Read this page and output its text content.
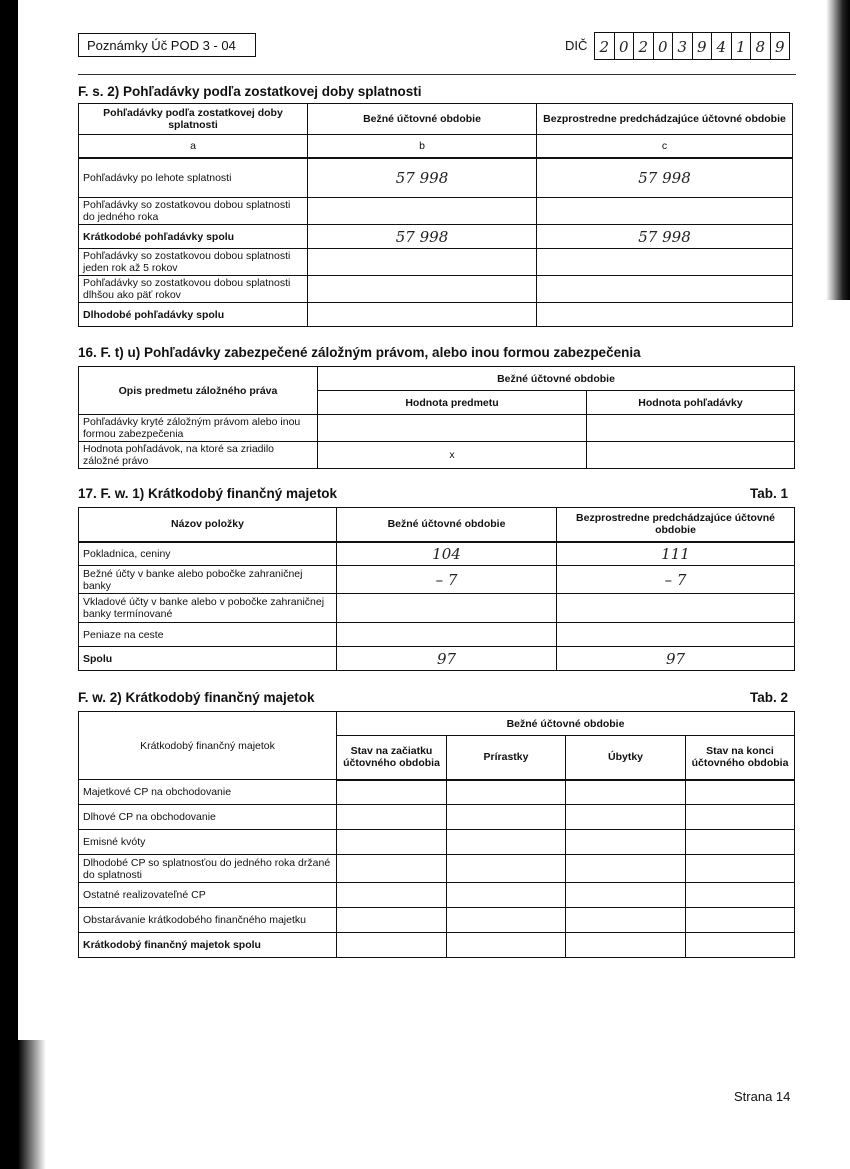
Poznámky Úč POD 3 - 04	DIČ 2 0 2 0 3 9 4 1 8 9
F. s. 2) Pohľadávky podľa zostatkovej doby splatnosti
Pohľadávky podľa zostatkovej doby splatnosti	Bežné účtovné obdobie	Bezprostredne predchádzajúce účtovné obdobie
a	b	c
Pohľadávky po lehote splatnosti	57 998	57 998
Pohľadávky so zostatkovou dobou splatnosti do jedného roka		
Krátkodobé pohľadávky spolu	57 998	57 998
Pohľadávky so zostatkovou dobou splatnosti jeden rok až 5 rokov		
Pohľadávky so zostatkovou dobou splatnosti dlhšou ako päť rokov		
Dlhodobé pohľadávky spolu		
16. F. t) u) Pohľadávky zabezpečené záložným právom, alebo inou formou zabezpečenia
Opis predmetu záložného práva	Bežné účtovné obdobie	
	Hodnota predmetu	Hodnota pohľadávky
Pohľadávky kryté záložným právom alebo inou formou zabezpečenia		
Hodnota pohľadávok, na ktoré sa zriadilo záložné právo	x	
17. F. w. 1) Krátkodobý finančný majetok	Tab. 1
Názov položky	Bežné účtovné obdobie	Bezprostredne predchádzajúce účtovné obdobie
Pokladnica, ceniny	104	111
Bežné účty v banke alebo pobočke zahraničnej banky	– 7	– 7
Vkladové účty v banke alebo v pobočke zahraničnej banky termínované		
Peniaze na ceste		
Spolu	97	97
F. w. 2) Krátkodobý finančný majetok	Tab. 2
Krátkodobý finančný majetok	Bežné účtovné obdobie			
	Stav na začiatku účtovného obdobia	Prírastky	Úbytky	Stav na konci účtovného obdobia
Majetkové CP na obchodovanie				
Dlhové CP na obchodovanie				
Emisné kvóty				
Dlhodobé CP so splatnosťou do jedného roka držané do splatnosti				
Ostatné realizovateľné CP				
Obstarávanie krátkodobého finančného majetku				
Krátkodobý finančný majetok spolu				
Strana 14
